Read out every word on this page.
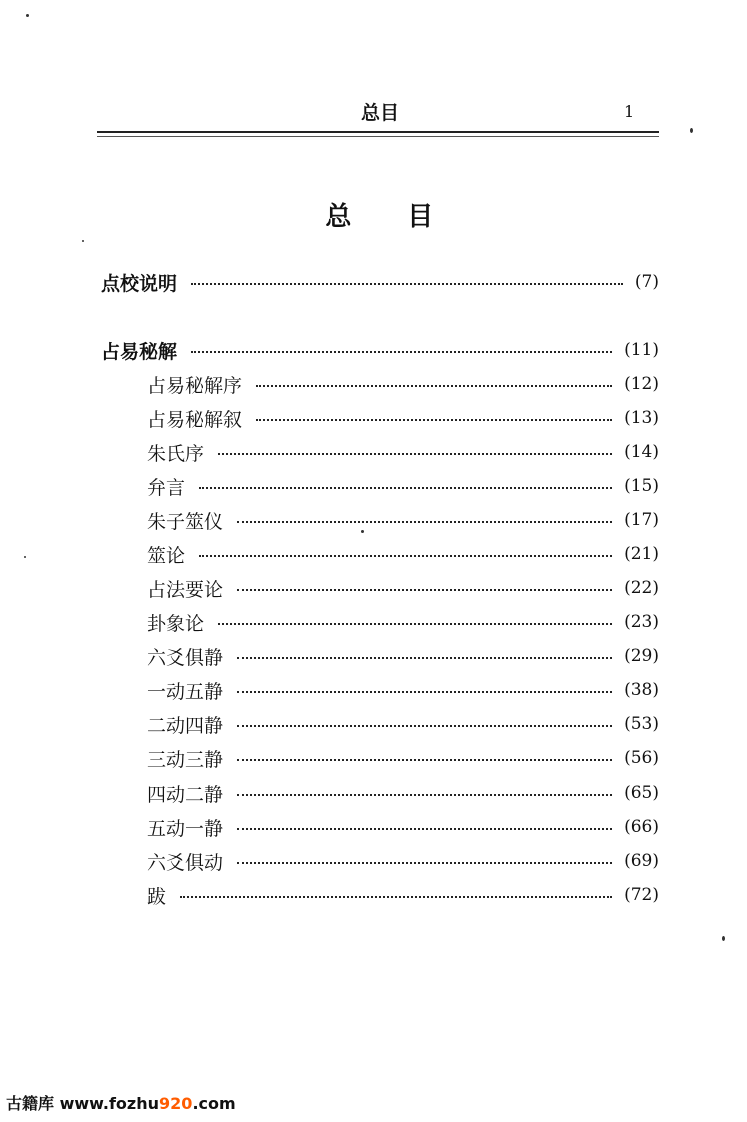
总目	1
总　　目
点校说明	(7)
占易秘解	(11)
占易秘解序	(12)
占易秘解叙	(13)
朱氏序	(14)
弁言	(15)
朱子筮仪	(17)
筮论	(21)
占法要论	(22)
卦象论	(23)
六爻俱静	(29)
一动五静	(38)
二动四静	(53)
三动三静	(56)
四动二静	(65)
五动一静	(66)
六爻俱动	(69)
跋	(72)
古籍库 www.fozhu920.com
